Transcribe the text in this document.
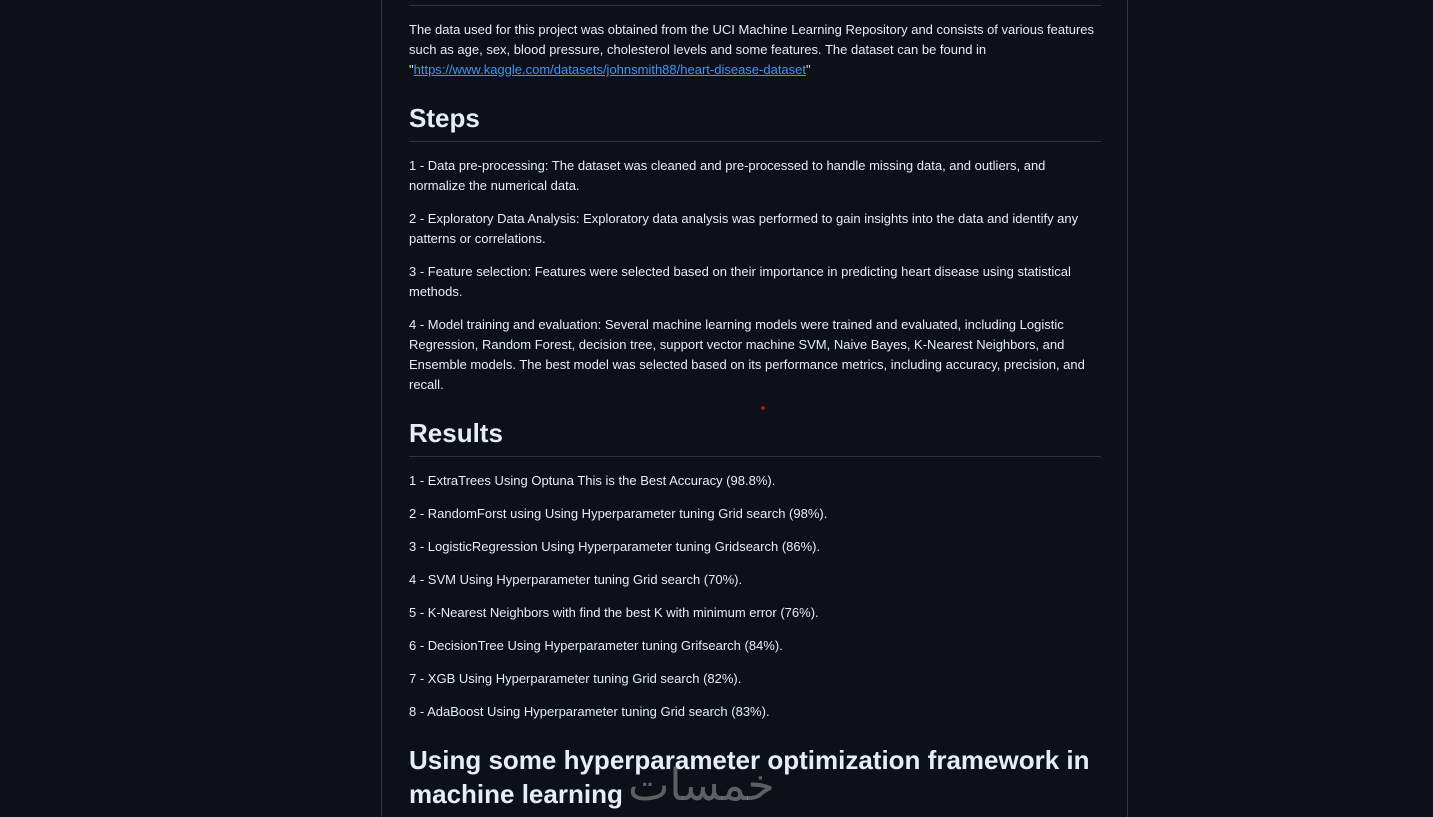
The data used for this project was obtained from the UCI Machine Learning Repository and consists of various features such as age, sex, blood pressure, cholesterol levels and some features. The dataset can be found in "https://www.kaggle.com/datasets/johnsmith88/heart-disease-dataset"

Steps

1 - Data pre-processing: The dataset was cleaned and pre-processed to handle missing data, and outliers, and normalize the numerical data.

2 - Exploratory Data Analysis: Exploratory data analysis was performed to gain insights into the data and identify any patterns or correlations.

3 - Feature selection: Features were selected based on their importance in predicting heart disease using statistical methods.

4 - Model training and evaluation: Several machine learning models were trained and evaluated, including Logistic Regression, Random Forest, decision tree, support vector machine SVM, Naive Bayes, K-Nearest Neighbors, and Ensemble models. The best model was selected based on its performance metrics, including accuracy, precision, and recall.

Results

1 - ExtraTrees Using Optuna This is the Best Accuracy (98.8%).

2 - RandomForst using Using Hyperparameter tuning Grid search (98%).

3 - LogisticRegression Using Hyperparameter tuning Gridsearch (86%).

4 - SVM Using Hyperparameter tuning Grid search (70%).

5 - K-Nearest Neighbors with find the best K with minimum error (76%).

6 - DecisionTree Using Hyperparameter tuning Grifsearch (84%).

7 - XGB Using Hyperparameter tuning Grid search (82%).

8 - AdaBoost Using Hyperparameter tuning Grid search (83%).

Using some hyperparameter optimization framework in machine learning خمسات
